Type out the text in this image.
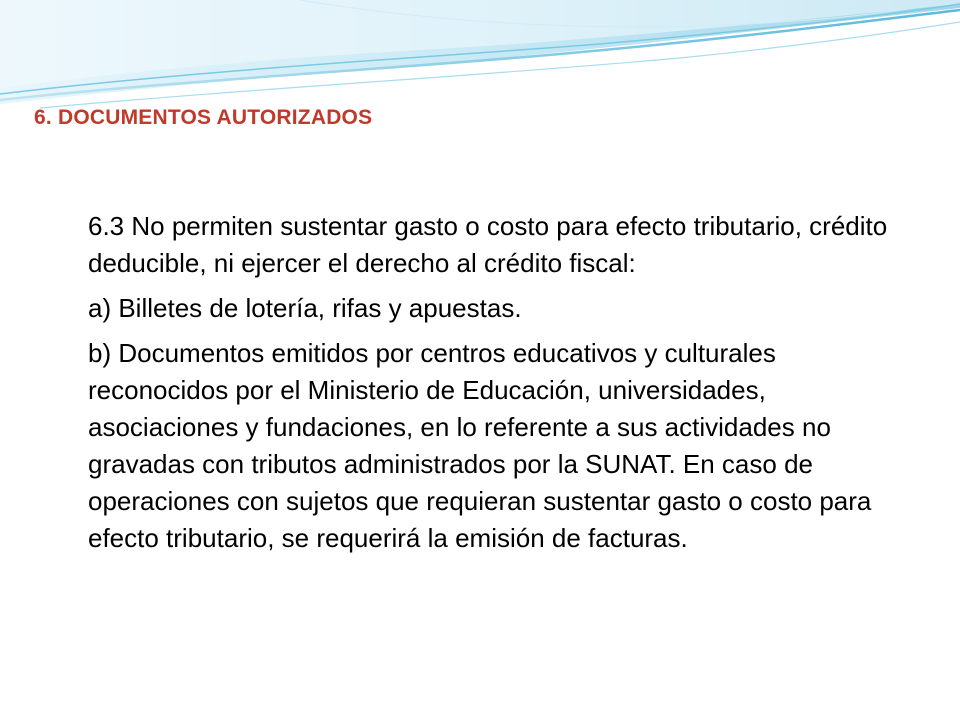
6. DOCUMENTOS AUTORIZADOS

6.3 No permiten sustentar gasto o costo para efecto tributario, crédito deducible, ni ejercer el derecho al crédito fiscal:

a) Billetes de lotería, rifas y apuestas.

b) Documentos emitidos por centros educativos y culturales reconocidos por el Ministerio de Educación, universidades, asociaciones y fundaciones, en lo referente a sus actividades no gravadas con tributos administrados por la SUNAT. En caso de operaciones con sujetos que requieran sustentar gasto o costo para efecto tributario, se requerirá la emisión de facturas.
